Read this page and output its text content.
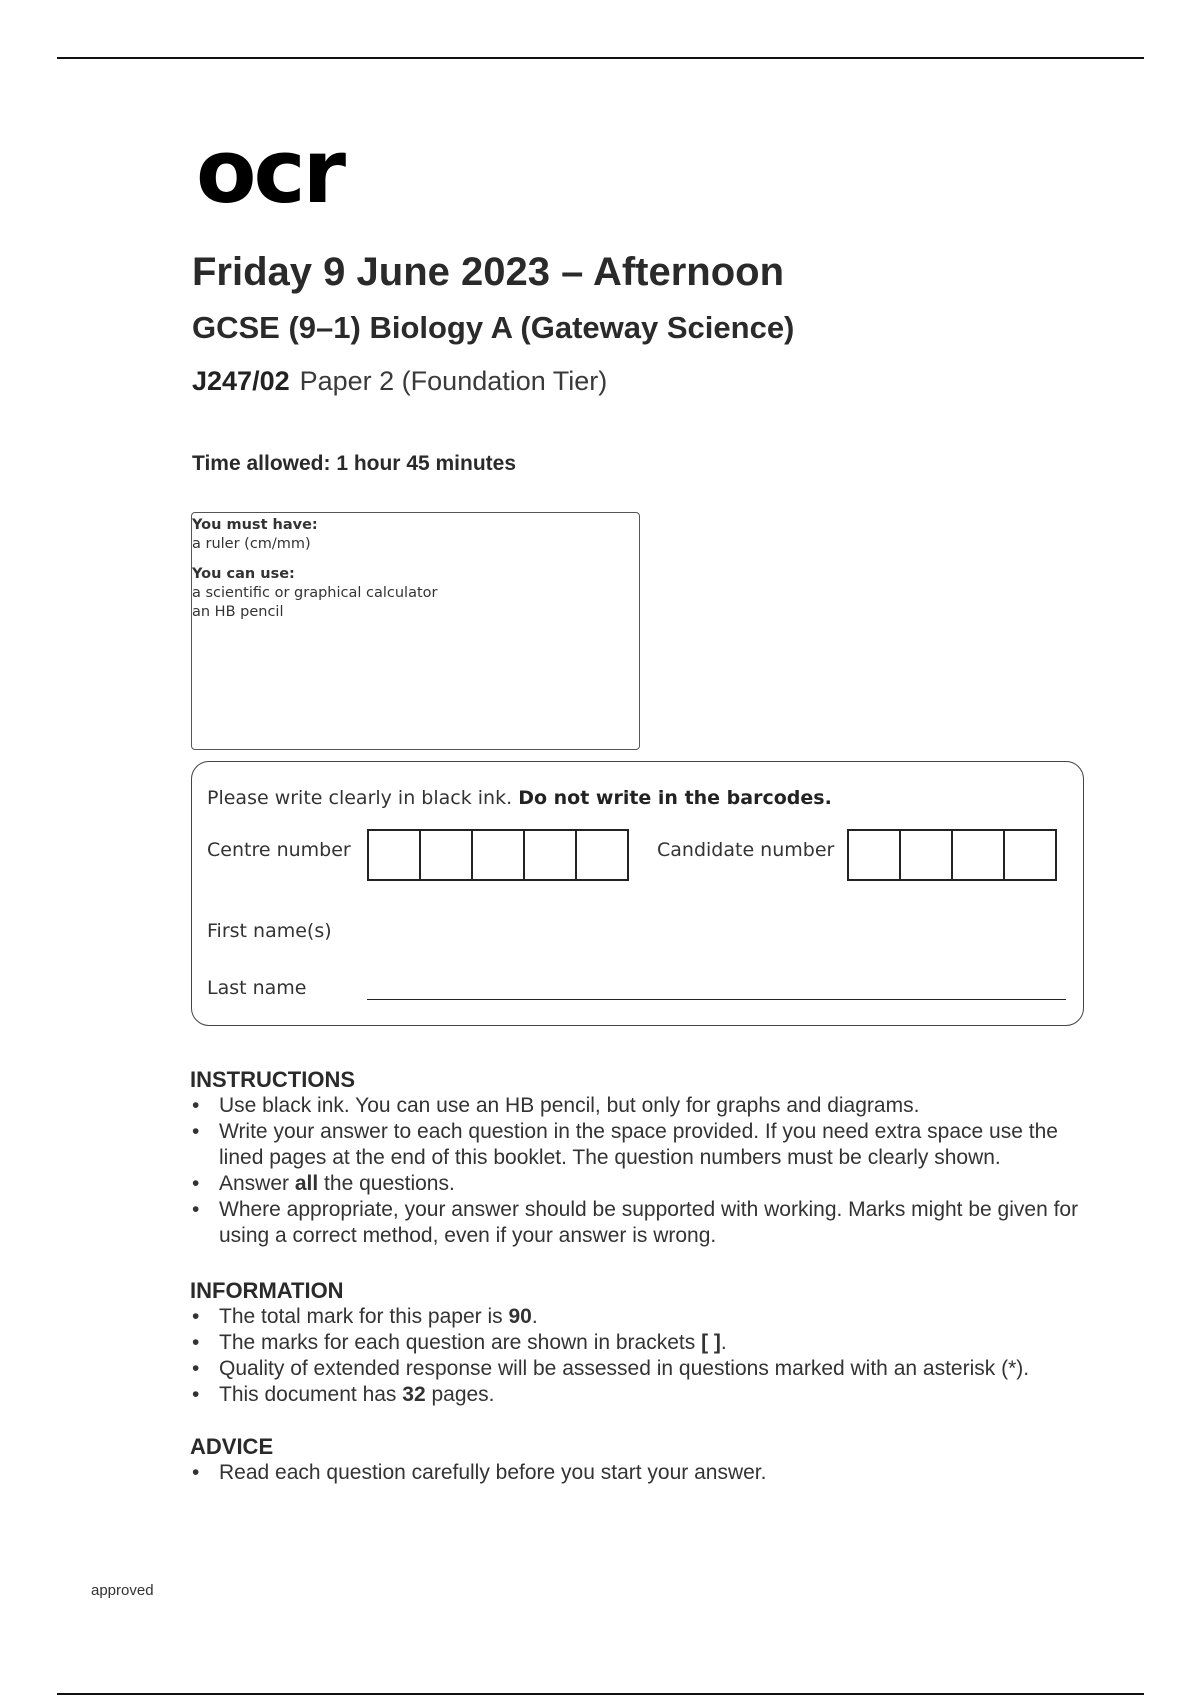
ocr
Friday 9 June 2023 – Afternoon
GCSE (9–1) Biology A (Gateway Science)
J247/02 Paper 2 (Foundation Tier)
Time allowed: 1 hour 45 minutes
You must have:
a ruler (cm/mm)
You can use:
a scientific or graphical calculator
an HB pencil
Please write clearly in black ink. Do not write in the barcodes.
Centre number	Candidate number
First name(s)
Last name
INSTRUCTIONS
• Use black ink. You can use an HB pencil, but only for graphs and diagrams.
• Write your answer to each question in the space provided. If you need extra space use the lined pages at the end of this booklet. The question numbers must be clearly shown.
• Answer all the questions.
• Where appropriate, your answer should be supported with working. Marks might be given for using a correct method, even if your answer is wrong.
INFORMATION
• The total mark for this paper is 90.
• The marks for each question are shown in brackets [ ].
• Quality of extended response will be assessed in questions marked with an asterisk (*).
• This document has 32 pages.
ADVICE
• Read each question carefully before you start your answer.
approved
